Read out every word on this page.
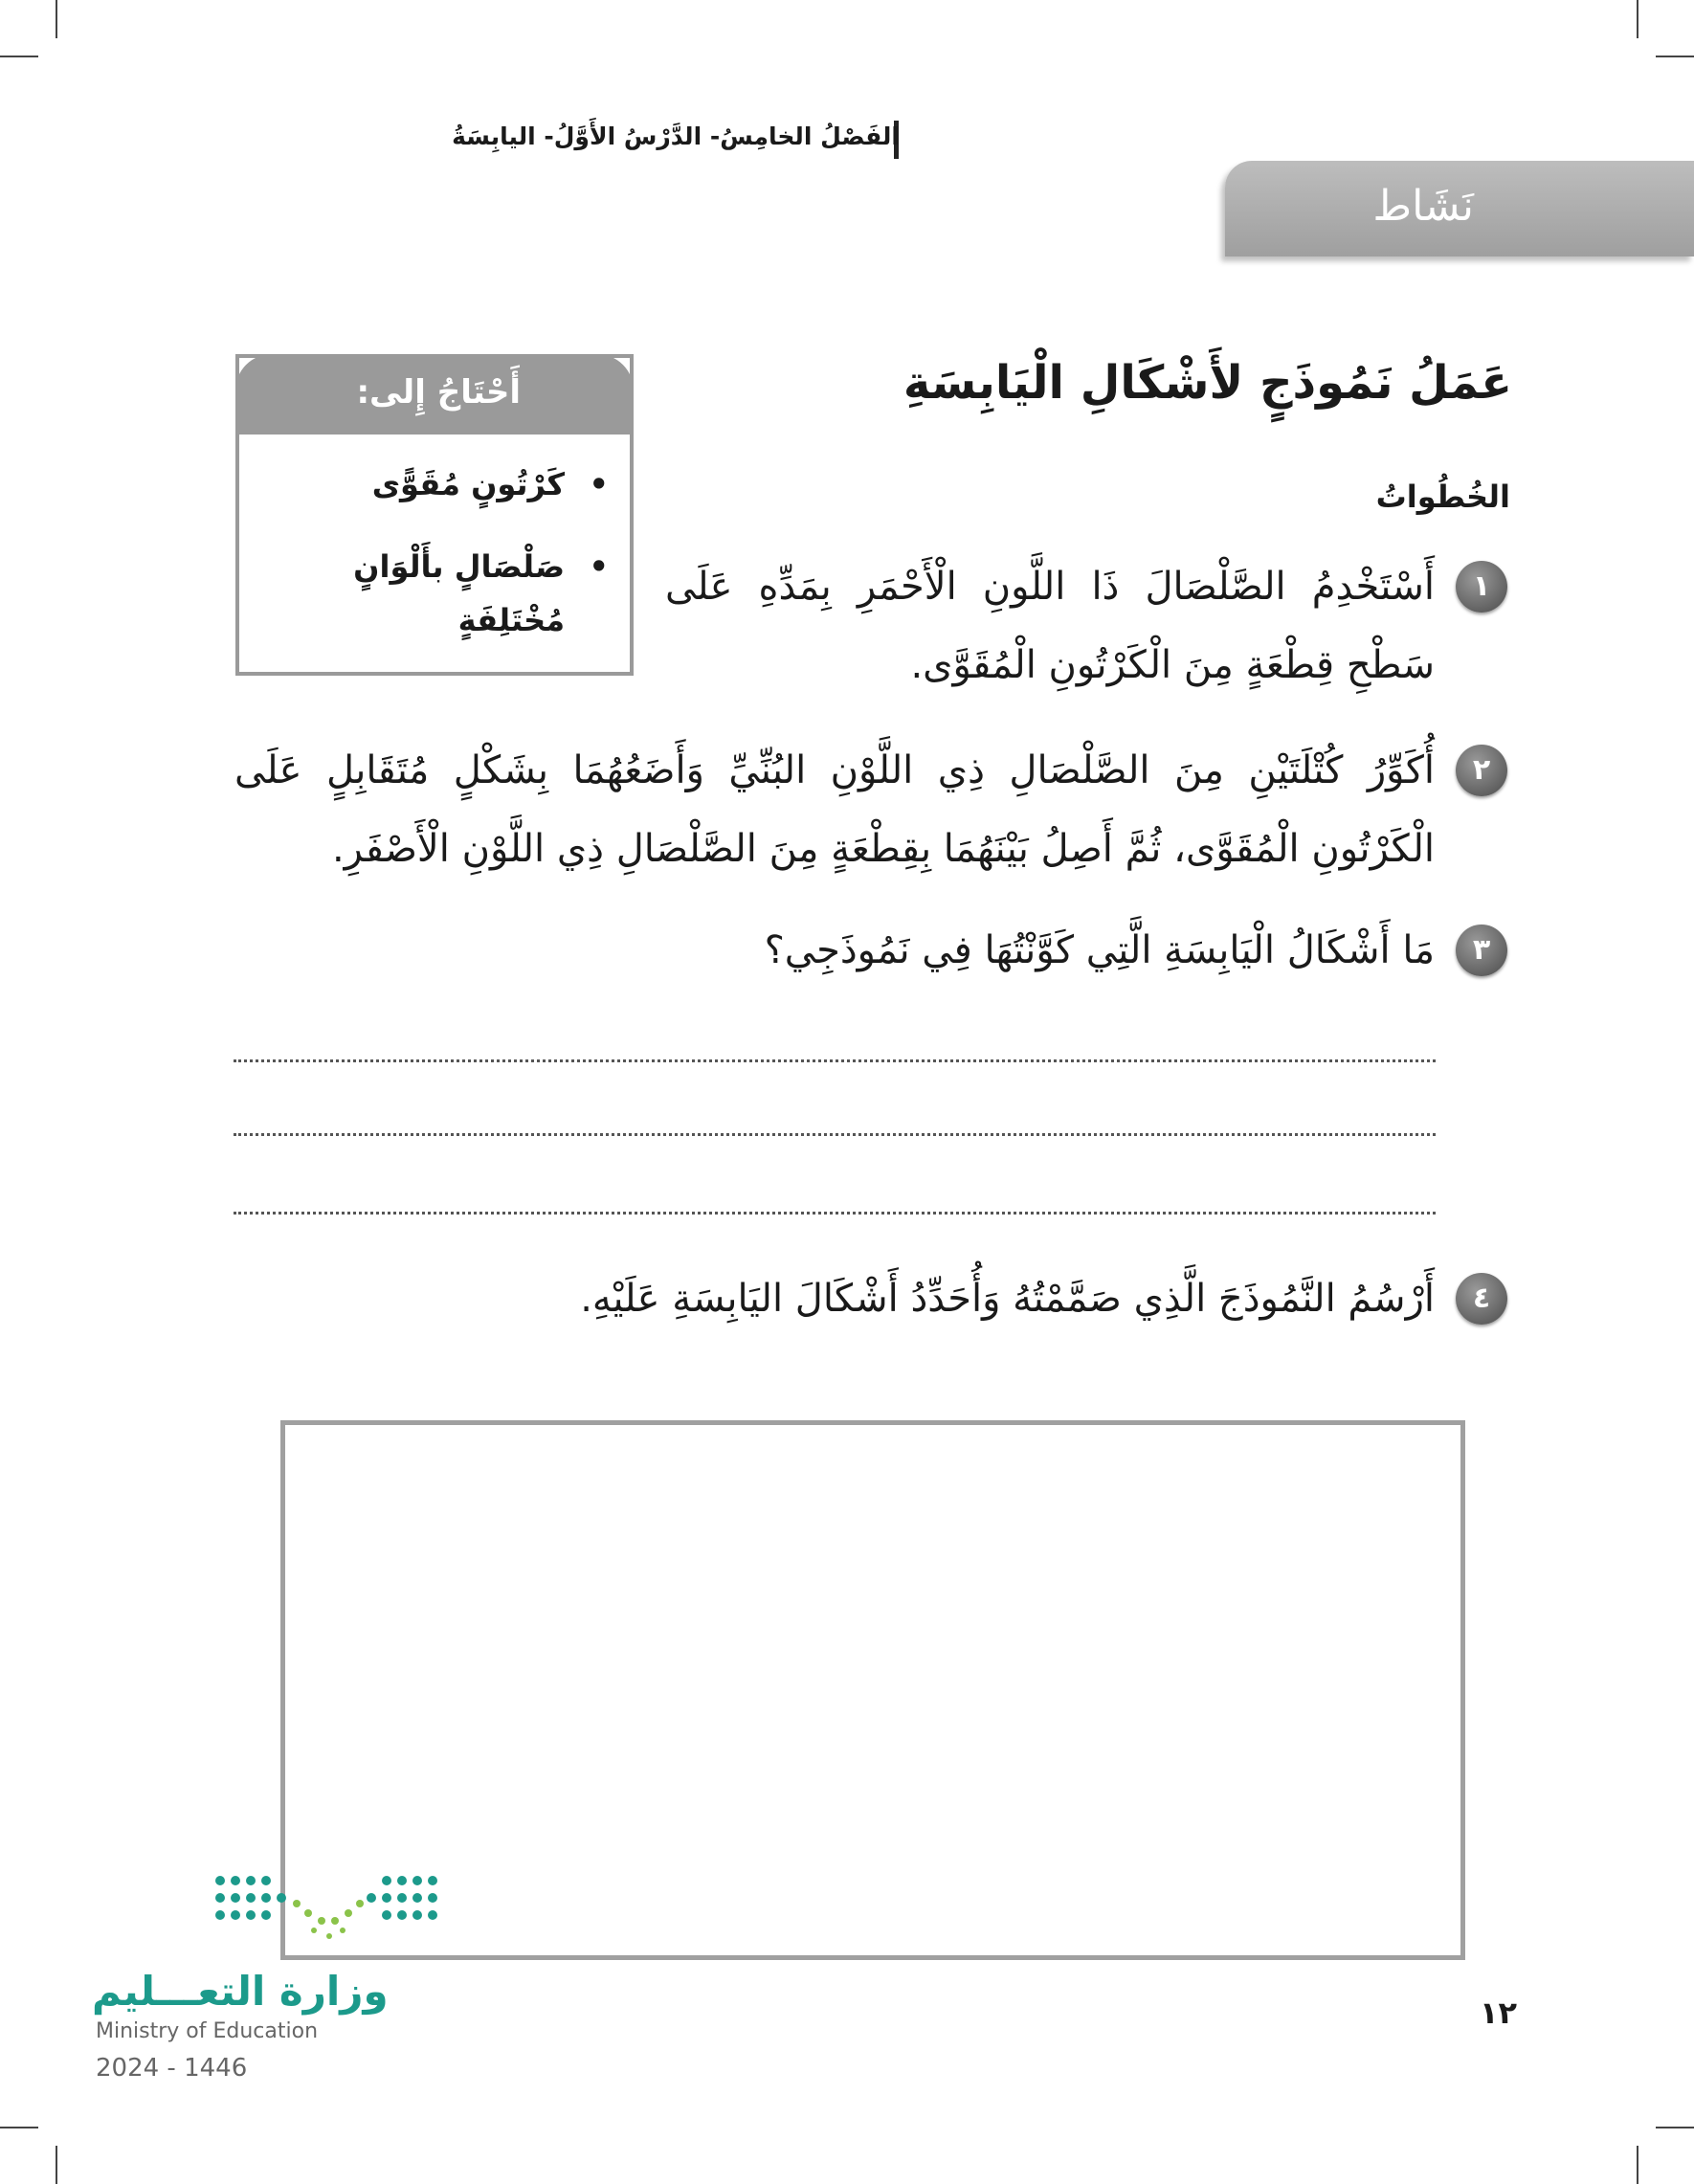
الفَصْلُ الخامِسُ- الدَّرْسُ الأَوَّلُ- اليابِسَةُ
نَشَاط
عَمَلُ نَمُوذَجٍ لأَشْكَالِ الْيَابِسَةِ
الخُطُواتُ
أَحْتَاجُ إِلى:
•
كَرْتُونٍ مُقَوًّى
•
صَلْصَالٍ بأَلْوَانٍ مُخْتَلِفَةٍ
١
أَسْتَخْدِمُ الصَّلْصَالَ ذَا اللَّونِ الْأَحْمَرِ بِمَدِّهِ عَلَى سَطْحِ قِطْعَةٍ مِنَ الْكَرْتُونِ الْمُقَوَّى.
٢
أُكَوِّرُ كُتْلَتَيْنِ مِنَ الصَّلْصَالِ ذِي اللَّوْنِ البُنِّيِّ وَأَضَعُهُمَا بِشَكْلٍ مُتَقَابِلٍ عَلَى الْكَرْتُونِ الْمُقَوَّى، ثُمَّ أَصِلُ بَيْنَهُمَا بِقِطْعَةٍ مِنَ الصَّلْصَالِ ذِي اللَّوْنِ الْأَصْفَرِ.
٣
مَا أَشْكَالُ الْيَابِسَةِ الَّتِي كَوَّنْتُهَا فِي نَمُوذَجِي؟
٤
أَرْسُمُ النَّمُوذَجَ الَّذِي صَمَّمْتُهُ وَأُحَدِّدُ أَشْكَالَ اليَابِسَةِ عَلَيْهِ.
وزارة التعـــليم
Ministry of Education
2024 - 1446
١٢
